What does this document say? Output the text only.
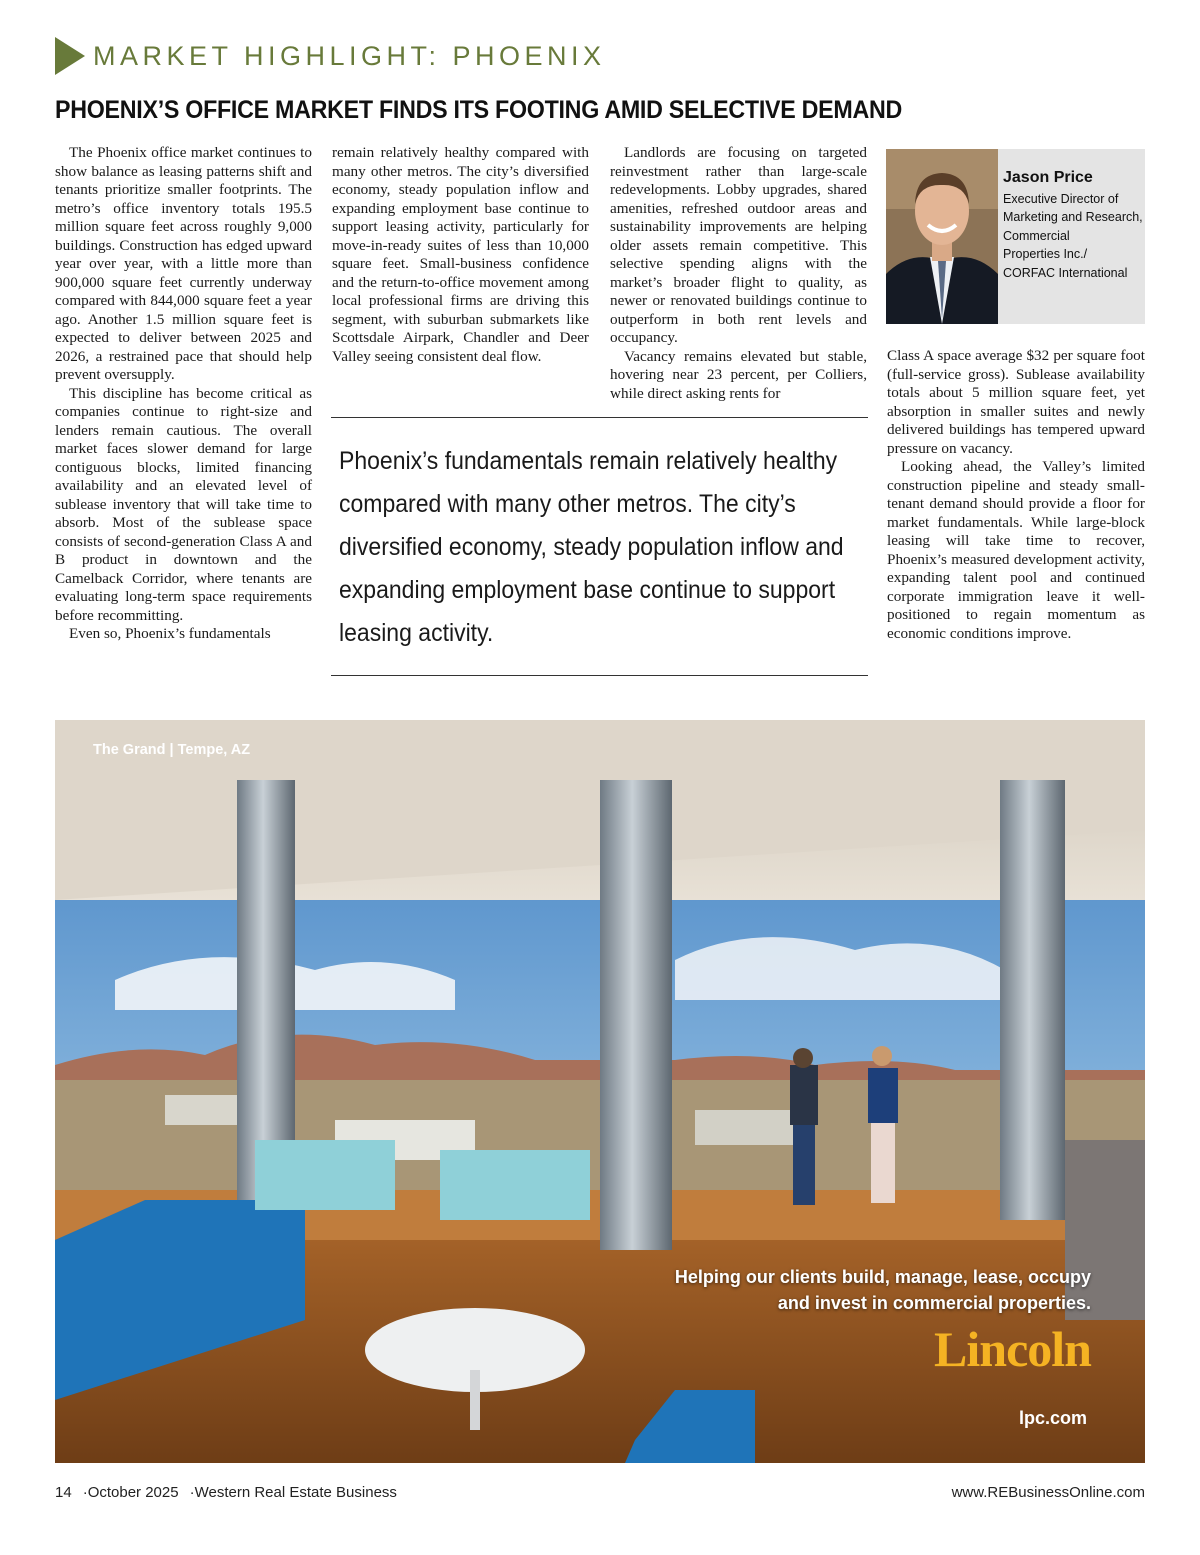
MARKET HIGHLIGHT: PHOENIX
PHOENIX’S OFFICE MARKET FINDS ITS FOOTING AMID SELECTIVE DEMAND

The Phoenix office market continues to show balance as leasing patterns shift and tenants prioritize smaller footprints. The metro’s office inventory totals 195.5 million square feet across roughly 9,000 buildings. Construction has edged upward year over year, with a little more than 900,000 square feet currently underway compared with 844,000 square feet a year ago. Another 1.5 million square feet is expected to deliver between 2025 and 2026, a restrained pace that should help prevent oversupply.

This discipline has become critical as companies continue to right-size and lenders remain cautious. The overall market faces slower demand for large contiguous blocks, limited financing availability and an elevated level of sublease inventory that will take time to absorb. Most of the sublease space consists of second-generation Class A and B product in downtown and the Camelback Corridor, where tenants are evaluating long-term space requirements before recommitting.

Even so, Phoenix’s fundamentals

remain relatively healthy compared with many other metros. The city’s diversified economy, steady population inflow and expanding employment base continue to support leasing activity, particularly for move-in-ready suites of less than 10,000 square feet. Small-business confidence and the return-to-office movement among local professional firms are driving this segment, with suburban submarkets like Scottsdale Airpark, Chandler and Deer Valley seeing consistent deal flow.

Landlords are focusing on targeted reinvestment rather than large-scale redevelopments. Lobby upgrades, shared amenities, refreshed outdoor areas and sustainability improvements are helping older assets remain competitive. This selective spending aligns with the market’s broader flight to quality, as newer or renovated buildings continue to outperform in both rent levels and occupancy.

Vacancy remains elevated but stable, hovering near 23 percent, per Colliers, while direct asking rents for

Phoenix’s fundamentals remain relatively healthy compared with many other metros. The city’s diversified economy, steady population inflow and expanding employment base continue to support leasing activity.
Jason Price
Executive Director of
Marketing and Research,
Commercial
Properties Inc./
CORFAC International

Class A space average $32 per square foot (full-service gross). Sublease availability totals about 5 million square feet, yet absorption in smaller suites and newly delivered buildings has tempered upward pressure on vacancy.

Looking ahead, the Valley’s limited construction pipeline and steady small-tenant demand should provide a floor for market fundamentals. While large-block leasing will take time to recover, Phoenix’s measured development activity, expanding talent pool and continued corporate immigration leave it well-positioned to regain momentum as economic conditions improve.

The Grand | Tempe, AZ
Helping our clients build, manage, lease, occupy and invest in commercial properties.
Lincoln
lpc.com
14 ·October 2025 ·Western Real Estate Business	www.REBusinessOnline.com
